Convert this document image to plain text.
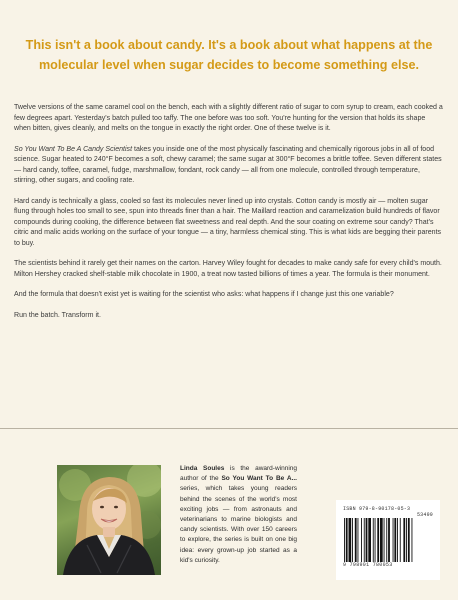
This isn't a book about candy. It's a book about what happens at the molecular level when sugar decides to become something else.

Twelve versions of the same caramel cool on the bench, each with a slightly different ratio of sugar to corn syrup to cream, each cooked a few degrees apart. Yesterday's batch pulled too taffy. The one before was too soft. You're hunting for the version that holds its shape when bitten, gives cleanly, and melts on the tongue in exactly the right order. One of these twelve is it.

So You Want To Be A Candy Scientist takes you inside one of the most physically fascinating and chemically rigorous jobs in all of food science. Sugar heated to 240°F becomes a soft, chewy caramel; the same sugar at 300°F becomes a brittle toffee. Seven different states — hard candy, toffee, caramel, fudge, marshmallow, fondant, rock candy — all from one molecule, controlled through temperature, stirring, other sugars, and cooling rate.

Hard candy is technically a glass, cooled so fast its molecules never lined up into crystals. Cotton candy is mostly air — molten sugar flung through holes too small to see, spun into threads finer than a hair. The Maillard reaction and caramelization build hundreds of flavor compounds during cooking, the difference between flat sweetness and real depth. And the sour coating on extreme sour candy? That's citric and malic acids working on the surface of your tongue — a tiny, harmless chemical sting. This is what kids are begging their parents to buy.

The scientists behind it rarely get their names on the carton. Harvey Wiley fought for decades to make candy safe for every child's mouth. Milton Hershey cracked shelf-stable milk chocolate in 1900, a treat now tasted billions of times a year. The formula is their monument.

And the formula that doesn't exist yet is waiting for the scientist who asks: what happens if I change just this one variable?

Run the batch. Transform it.

Linda Soules is the award-winning author of the So You Want To Be A... series, which takes young readers behind the scenes of the world's most exciting jobs — from astronauts and veterinarians to marine biologists and candy scientists. With over 150 careers to explore, the series is built on one big idea: every grown-up job started as a kid's curiosity.
ISBN 979-8-90178-05-3

53499
9 798901 780053
